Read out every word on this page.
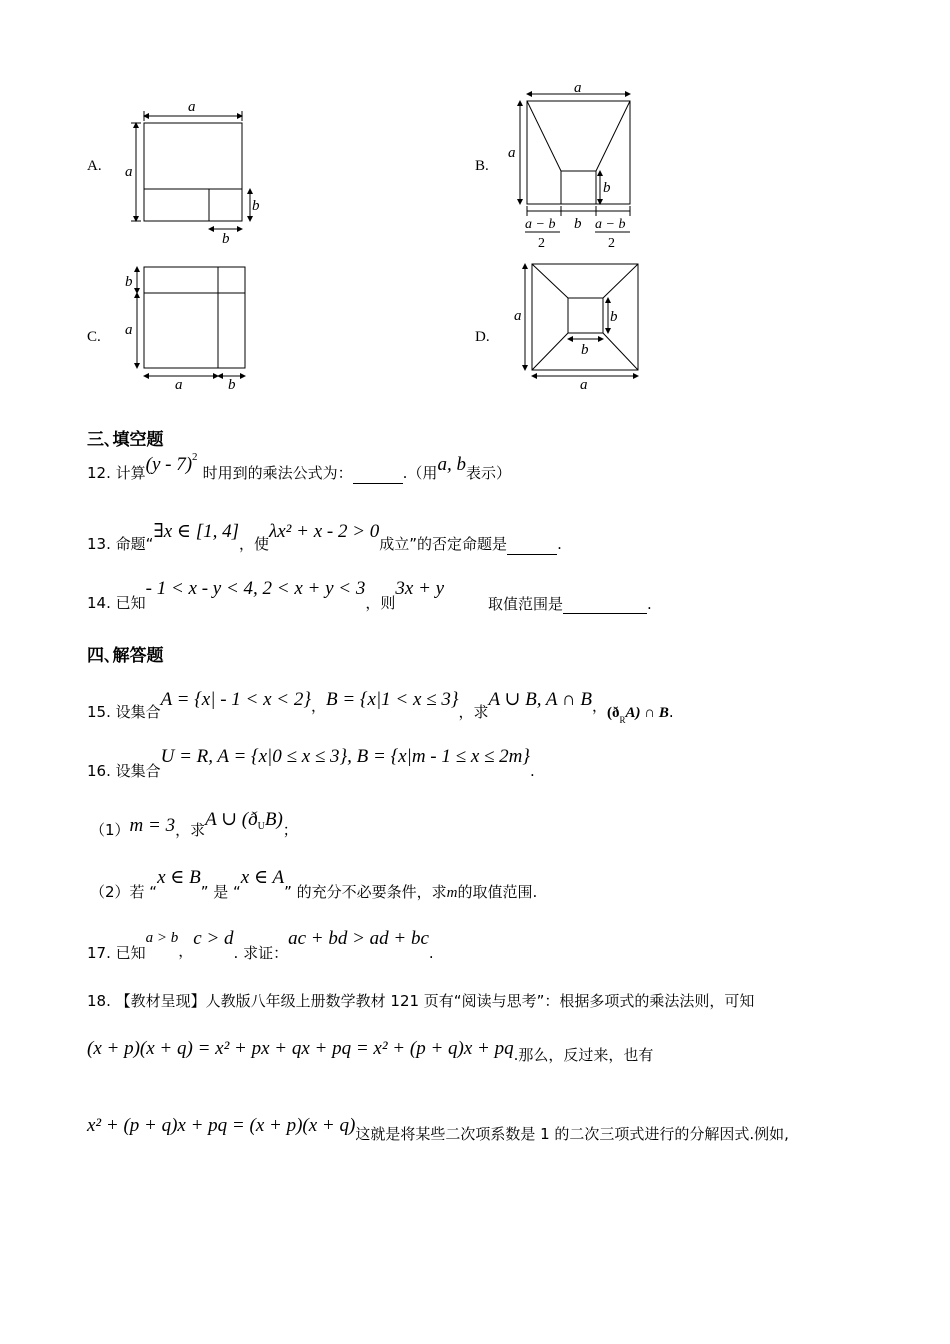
A.
a
a
b
b
B.
a
a
b
a − b
2
b a − b
2
C.
b
a
a	b
D.
a	b
b
a
三､填空题
12. 计算(y - 7)$^2$ 时用到的乘法公式为：	.（用a, b表示）
13. 命题“∃x ∈ [1, 4]，使λx² + x - 2 > 0成立”的否定命题是	.
14. 已知- 1 < x - y < 4, 2 < x + y < 3，则3x + y
取值范围是	.
四､解答题
15. 设集合A = {x| - 1 < x < 2}，B = {x|1 < x ≤ 3}，求A ∪ B, A ∩ B，$(ð_RA)$ ∩ B.
16. 设集合U = R, A = {x|0 ≤ x ≤ 3}, B = {x|m - 1 ≤ x ≤ 2m}.
（1）m = 3，求A ∪ $(ð_UB)$；
（2）若 “x ∈ B” 是 “x ∈ A” 的充分不必要条件，求m的取值范围.
17. 已知a > b，c > d. 求证：ac + bd > ad + bc.
18. 【教材呈现】人教版八年级上册数学教材 121 页有“阅读与思考”：根据多项式的乘法法则，可知
(x + p)(x + q) = x² + px + qx + pq = x² + (p + q)x + pq.那么，反过来，也有
x² + (p + q)x + pq = (x + p)(x + q)这就是将某些二次项系数是 1 的二次三项式进行的分解因式.例如,
